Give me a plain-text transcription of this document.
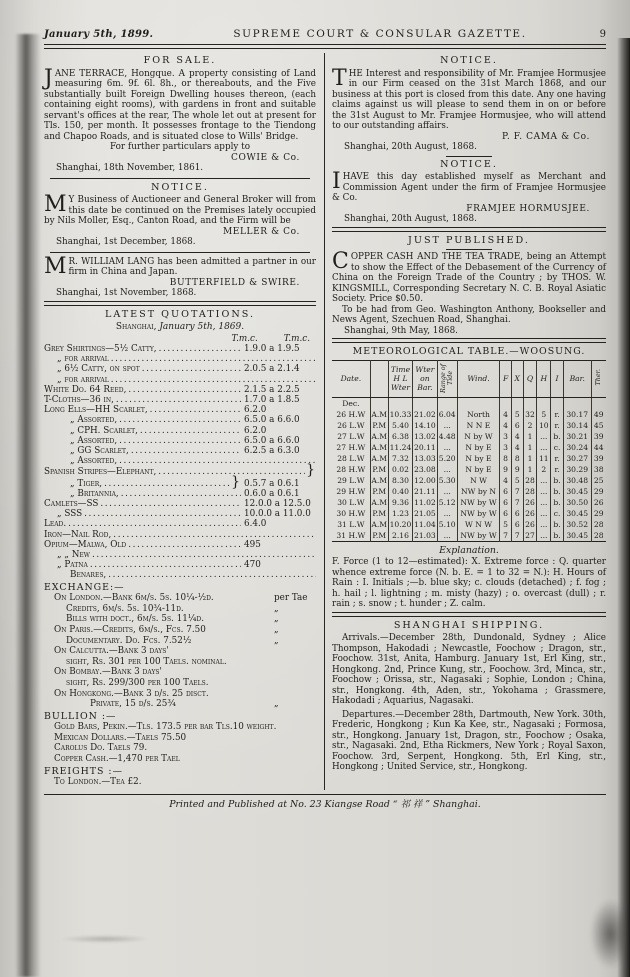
January 5th, 1899.	SUPREME COURT & CONSULAR GAZETTE.	9
FOR SALE.

JANE TERRACE, Hongque. A property consisting of Land measuring 6m. 9f. 6l. 8h., or thereabouts, and the Five substantially built Foreign Dwelling houses thereon, (each containing eight rooms), with gardens in front and suitable servant's offices at the rear, The whole let out at present for Tls. 150, per month. It possesses frontage to the Tiendong and Chapoo Roads, and is situated close to Wills' Bridge.

For further particulars apply to

COWIE & Co.

Shanghai, 18th November, 1861.

NOTICE.

M Y Business of Auctioneer and General Broker will from this date be continued on the Premises lately occupied by Nils Moller, Esq., Canton Road, and the Firm will be

MELLER & Co.

Shanghai, 1st December, 1868.

M R. WILLIAM LANG has been admitted a partner in our firm in China and Japan.

BUTTERFIELD & SWIRE.

Shanghai, 1st November, 1868.

LATEST QUOTATIONS.

Shanghai, January 5th, 1869.

T.m.c.	T.m.c.
Grey Shirtings—5½ Catty, .....	1.9.0 a 1.9.5
„ for arrival
.....
„ 6½ Catty, on spot .....	2.0.5 a 2.1.4
„ for arrival
.....
White Do. 64 Reed, .....	2.1.5 a 2.2.5
T-Cloths—36 in, .....	1.7.0 a 1.8.5
Long Ells—HH Scarlet, .....	6.2.0
„ Assorted, .....	6.5.0 a 6.6.0
„ CPH. Scarlet, .....	6.2.0
„ Assorted, .....	6.5.0 a 6.6.0
„ GG Scarlet, .....	6.2.5 a 6.3.0
„ Assorted,
.....
Spanish Stripes—Elephant, .....	}
„ Tiger, .....	} 0.5.7 a 0.6.1
„ Britannia, .....	0.6.0 a 0.6.1
Camlets—SS .....	12.0.0 a 12.5.0
„ SSS .....	10.0.0 a 11.0.0
Lead. .....	6.4.0
Iron—Nail Rod,
.....
Opium—Malwa, Old .....	495
„ „ New
.....
„ Patna .....	470
Benares,
.....

EXCHANGE:—

On London.—Bank 6m/s. 5s. 10¼-½d.	per Tae
Credits, 6m/s. 5s. 10¾-11d.	„
Bills with doct., 6m/s. 5s. 11¼d.	„
On Paris.—Credits, 6m/s., Fcs. 7.50	„
Documentary. Do. Fcs. 7.52½	„
On Calcutta.—Bank 3 days'
sight, Rs. 301 per 100 Taels. nominal.
On Bombay.—Bank 3 days'
sight, Rs. 299/300 per 100 Taels.
On Hongkong.—Bank 3 d/s. 25 disct.
Private, 15 d/s. 25¾	„

BULLION :—

Gold Bars, Pekin.—Tls. 173.5 per bar Tls.10 weight.
Mexican Dollars.—Taels 75.50
Carolus Do. Taels 79.
Copper Cash.—1,470 per Tael

FREIGHTS :—

To London.—Tea £2.
NOTICE.

THE Interest and responsibility of Mr. Framjee Hormusjee in our Firm ceased on the 31st March 1868, and our business at this port is closed from this date. Any one having claims against us will please to send them in on or before the 31st August to Mr. Framjee Hormusjee, who will attend to our outstanding affairs.

P. F. CAMA & Co.

Shanghai, 20th August, 1868.

NOTICE.

IHAVE this day established myself as Merchant and Commission Agent under the firm of Framjee Hormusjee & Co.

FRAMJEE HORMUSJEE.

Shanghai, 20th August, 1868.

JUST PUBLISHED.

COPPER CASH AND THE TEA TRADE, being an Attempt to show the Effect of the Debasement of the Currency of China on the Foreign Trade of the Country ; by THOS. W. KINGSMILL, Corresponding Secretary N. C. B. Royal Asiatic Society. Price $0.50.

To be had from Geo. Washington Anthony, Bookseller and News Agent, Szechuen Road, Shanghai.

Shanghai, 9th May, 1868.

METEOROLOGICAL TABLE.—WOOSUNG.
Date.		Time H L Wter	Wter on Bar.	Range of Tide	Wind.	F	X	Q	H	I	Bar.	Ther.
Dec.												
26 H.W	A.M	10.33	21.02	6.04	North	4	5	32	5	r.	30.17	49
26 L.W	P.M	5.40	14.10	...	N N E	4	6	2	10	r.	30.14	45
27 L.W	A.M	6.38	13.02	4.48	N by W	3	4	1	...	b.	30.21	39
27 H.W	A.M	11.24	20.11	...	N by E	3	4	1	...	c.	30.24	44
28 L.W	A.M	7.32	13.03	5.20	N by E	8	8	1	11	r.	30.27	39
28 H.W	P.M	0.02	23.08	...	N by E	9	9	1	2	r.	30.29	38
29 L.W	A.M	8.30	12.00	5.30	N W	4	5	28	...	b.	30.48	25
29 H.W	P.M	0.40	21.11	...	NW by N	6	7	28	...	b.	30.45	29
30 L.W	A.M	9.36	11.02	5.12	NW by W	6	7	26	...	b.	30.50	26
30 H.W	P.M	1.23	21.05	...	NW by W	6	6	26	...	c.	30.45	29
31 L.W	A.M	10.20	11.04	5.10	W N W	5	6	26	...	b.	30.52	28
31 H.W	P.M	2.16	21.03	...	NW by W	7	7	27	...	b.	30.45	28
Explanation.

F. Force (1 to 12—estimated): X. Extreme force : Q. quarter whence extreme force (N. b. E. = 1 to 32 = N.): H. Hours of Rain : I. Initials ;—b. blue sky; c. clouds (detached) ; f. fog ; h. hail ; l. lightning ; m. misty (hazy) ; o. overcast (dull) ; r. rain ; s. snow ; t. hunder ; Z. calm.

SHANGHAI SHIPPING.

Arrivals.—December 28th, Dundonald, Sydney ; Alice Thompson, Hakodadi ; Newcastle, Foochow ; Dragon, str., Foochow. 31st, Anita, Hamburg. January 1st, Erl King, str., Hongkong. 2nd, Prince Kung, str., Foochow. 3rd, Minca, str., Foochow ; Orissa, str., Nagasaki ; Sophie, London ; China, str., Hongkong. 4th, Aden, str., Yokohama ; Grassmere, Hakodadi ; Aquarius, Nagasaki.

Departures.—December 28th, Dartmouth, New York. 30th, Frederic, Hongkong ; Kun Ka Kee, str., Nagasaki ; Formosa, str., Hongkong. January 1st, Dragon, str., Foochow ; Osaka, str., Nagasaki. 2nd, Etha Rickmers, New York ; Royal Saxon, Foochow. 3rd, Serpent, Hongkong. 5th, Erl King, str., Hongkong ; United Service, str., Hongkong.

Printed and Published at No. 23 Kiangse Road “ 祁 祥 ” Shanghai.
